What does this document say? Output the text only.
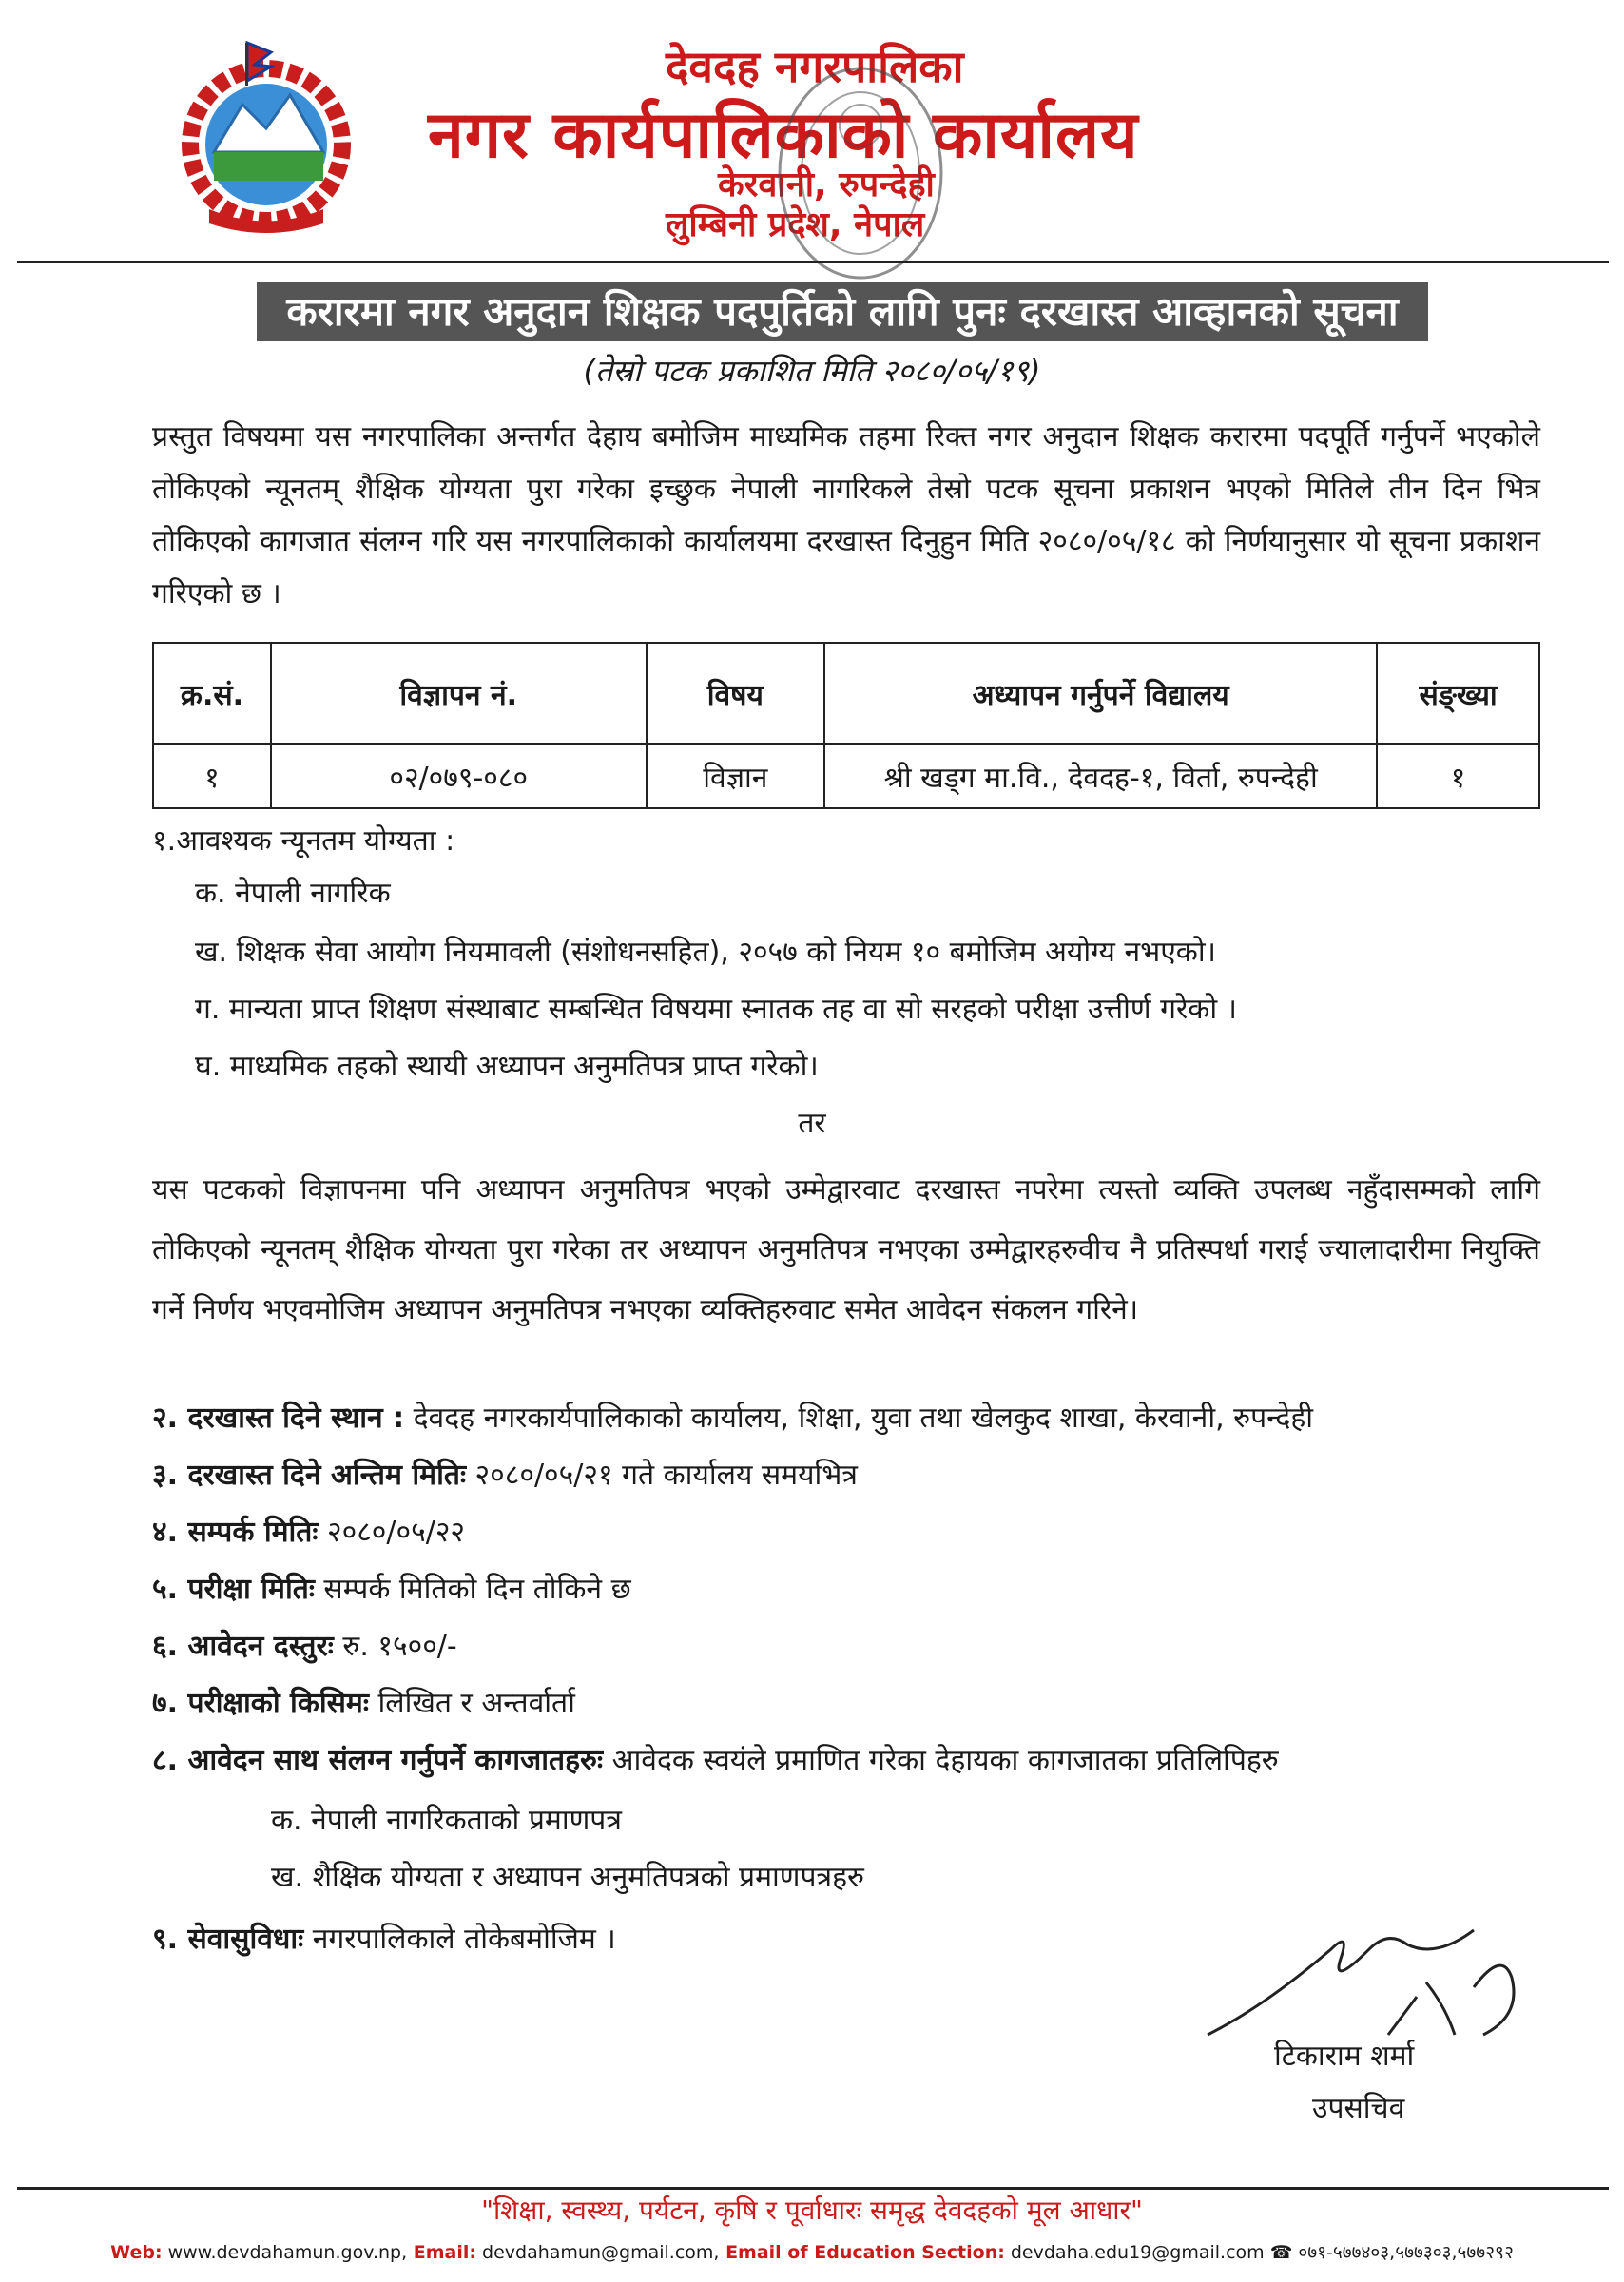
देवदह नगरपालिका
नगर कार्यपालिकाको कार्यालय
केरवानी, रुपन्देही
लुम्बिनी प्रदेश, नेपाल
करारमा नगर अनुदान शिक्षक पदपुर्तिको लागि पुनः दरखास्त आव्हानको सूचना
(तेस्रो पटक प्रकाशित मिति २०८०/०५/१९)
प्रस्तुत विषयमा यस नगरपालिका अन्तर्गत देहाय बमोजिम माध्यमिक तहमा रिक्त नगर अनुदान शिक्षक करारमा पदपूर्ति गर्नुपर्ने भएकोले तोकिएको न्यूनतम् शैक्षिक योग्यता पुरा गरेका इच्छुक नेपाली नागरिकले तेस्रो पटक सूचना प्रकाशन भएको मितिले तीन दिन भित्र तोकिएको कागजात संलग्न गरि यस नगरपालिकाको कार्यालयमा दरखास्त दिनुहुन मिति २०८०/०५/१८ को निर्णयानुसार यो सूचना प्रकाशन गरिएको छ ।
क्र.सं.	विज्ञापन नं.	विषय	अध्यापन गर्नुपर्ने विद्यालय	संङ्ख्या
१	०२/०७९-०८०	विज्ञान	श्री खड्ग मा.वि., देवदह-१, विर्ता, रुपन्देही	१
१.आवश्यक न्यूनतम योग्यता :
क. नेपाली नागरिक
ख. शिक्षक सेवा आयोग नियमावली (संशोधनसहित), २०५७ को नियम १० बमोजिम अयोग्य नभएको।
ग. मान्यता प्राप्त शिक्षण संस्थाबाट सम्बन्धित विषयमा स्नातक तह वा सो सरहको परीक्षा उत्तीर्ण गरेको ।
घ. माध्यमिक तहको स्थायी अध्यापन अनुमतिपत्र प्राप्त गरेको।
तर
यस पटकको विज्ञापनमा पनि अध्यापन अनुमतिपत्र भएको उम्मेद्वारवाट दरखास्त नपरेमा त्यस्तो व्यक्ति उपलब्ध नहुँदासम्मको लागि तोकिएको न्यूनतम् शैक्षिक योग्यता पुरा गरेका तर अध्यापन अनुमतिपत्र नभएका उम्मेद्वारहरुवीच नै प्रतिस्पर्धा गराई ज्यालादारीमा नियुक्ति गर्ने निर्णय भएवमोजिम अध्यापन अनुमतिपत्र नभएका व्यक्तिहरुवाट समेत आवेदन संकलन गरिने।
२. दरखास्त दिने स्थान : देवदह नगरकार्यपालिकाको कार्यालय, शिक्षा, युवा तथा खेलकुद शाखा, केरवानी, रुपन्देही
३. दरखास्त दिने अन्तिम मितिः २०८०/०५/२१ गते कार्यालय समयभित्र
४. सम्पर्क मितिः २०८०/०५/२२
५. परीक्षा मितिः सम्पर्क मितिको दिन तोकिने छ
६. आवेदन दस्तुरः रु. १५००/-
७. परीक्षाको किसिमः लिखित र अन्तर्वार्ता
८. आवेदन साथ संलग्न गर्नुपर्ने कागजातहरुः आवेदक स्वयंले प्रमाणित गरेका देहायका कागजातका प्रतिलिपिहरु
क. नेपाली नागरिकताको प्रमाणपत्र
ख. शैक्षिक योग्यता र अध्यापन अनुमतिपत्रको प्रमाणपत्रहरु
९. सेवासुविधाः नगरपालिकाले तोकेबमोजिम ।
टिकाराम शर्मा
उपसचिव
"शिक्षा, स्वस्थ्य, पर्यटन, कृषि र पूर्वाधारः समृद्ध देवदहको मूल आधार"
Web: www.devdahamun.gov.np, Email: devdahamun@gmail.com, Email of Education Section: devdaha.edu19@gmail.com ☎ ०७१-५७७४०३,५७७३०३,५७७२९२
